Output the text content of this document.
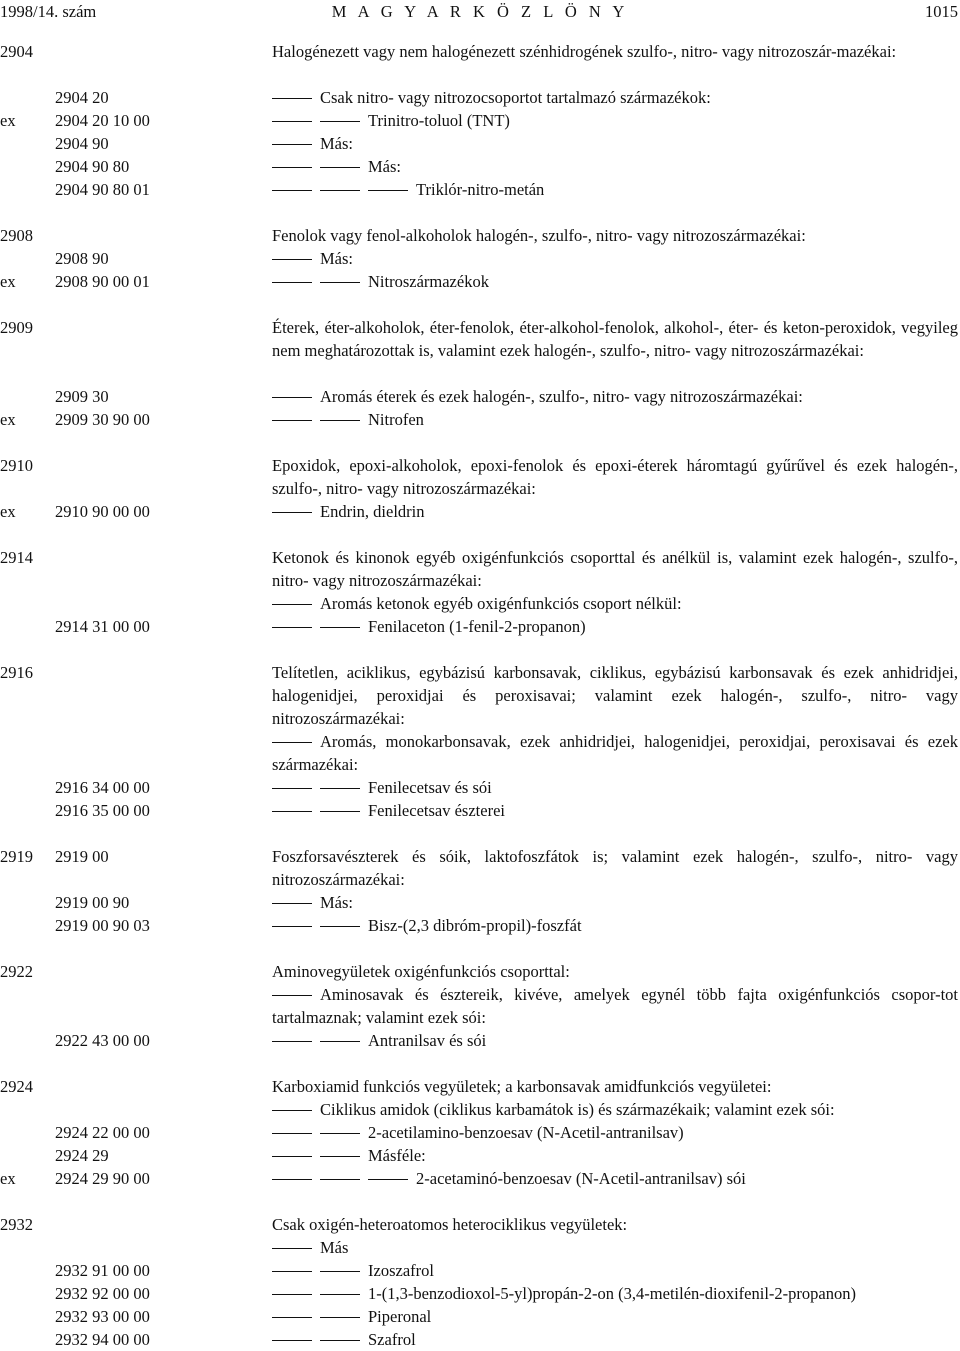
1998/14. szám	M A G Y A R K Ö Z L Ö N Y	1015
2904	Halogénezett vagy nem halogénezett szénhidrogének szulfo-, nitro- vagy nitrozoszár-mazékai:
2904 20	Csak nitro- vagy nitrozocsoportot tartalmazó származékok:
ex 2904 20 10 00	Trinitro-toluol (TNT)
2904 90	Más:
2904 90 80	Más:
2904 90 80 01	Triklór-nitro-metán
2908	Fenolok vagy fenol-alkoholok halogén-, szulfo-, nitro- vagy nitrozoszármazékai:
2908 90	Más:
ex 2908 90 00 01	Nitroszármazékok
2909	Éterek, éter-alkoholok, éter-fenolok, éter-alkohol-fenolok, alkohol-, éter- és keton-peroxidok, vegyileg nem meghatározottak is, valamint ezek halogén-, szulfo-, nitro- vagy nitrozoszármazékai:
2909 30	Aromás éterek és ezek halogén-, szulfo-, nitro- vagy nitrozoszármazékai:
ex 2909 30 90 00	Nitrofen
2910	Epoxidok, epoxi-alkoholok, epoxi-fenolok és epoxi-éterek háromtagú gyűrűvel és ezek halogén-, szulfo-, nitro- vagy nitrozoszármazékai:
ex 2910 90 00 00	Endrin, dieldrin
2914	Ketonok és kinonok egyéb oxigénfunkciós csoporttal és anélkül is, valamint ezek halogén-, szulfo-, nitro- vagy nitrozoszármazékai:
Aromás ketonok egyéb oxigénfunkciós csoport nélkül:
2914 31 00 00	Fenilaceton (1-fenil-2-propanon)
2916	Telítetlen, aciklikus, egybázisú karbonsavak, ciklikus, egybázisú karbonsavak és ezek anhidridjei, halogenidjei, peroxidjai és peroxisavai; valamint ezek halogén-, szulfo-, nitro- vagy nitrozoszármazékai:
Aromás, monokarbonsavak, ezek anhidridjei, halogenidjei, peroxidjai, peroxisavai és ezek származékai:
2916 34 00 00	Fenilecetsav és sói
2916 35 00 00	Fenilecetsav észterei
2919 2919 00	Foszforsavészterek és sóik, laktofoszfátok is; valamint ezek halogén-, szulfo-, nitro- vagy nitrozoszármazékai:
2919 00 90	Más:
2919 00 90 03	Bisz-(2,3 dibróm-propil)-foszfát
2922	Aminovegyületek oxigénfunkciós csoporttal:
Aminosavak és észtereik, kivéve, amelyek egynél több fajta oxigénfunkciós csopor-tot tartalmaznak; valamint ezek sói:
2922 43 00 00	Antranilsav és sói
2924	Karboxiamid funkciós vegyületek; a karbonsavak amidfunkciós vegyületei:
Ciklikus amidok (ciklikus karbamátok is) és származékaik; valamint ezek sói:
2924 22 00 00	2-acetilamino-benzoesav (N-Acetil-antranilsav)
2924 29	Másféle:
ex 2924 29 90 00	2-acetaminó-benzoesav (N-Acetil-antranilsav) sói
2932	Csak oxigén-heteroatomos heterociklikus vegyületek:
Más
2932 91 00 00	Izoszafrol
2932 92 00 00	1-(1,3-benzodioxol-5-yl)propán-2-on (3,4-metilén-dioxifenil-2-propanon)
2932 93 00 00	Piperonal
2932 94 00 00	Szafrol
